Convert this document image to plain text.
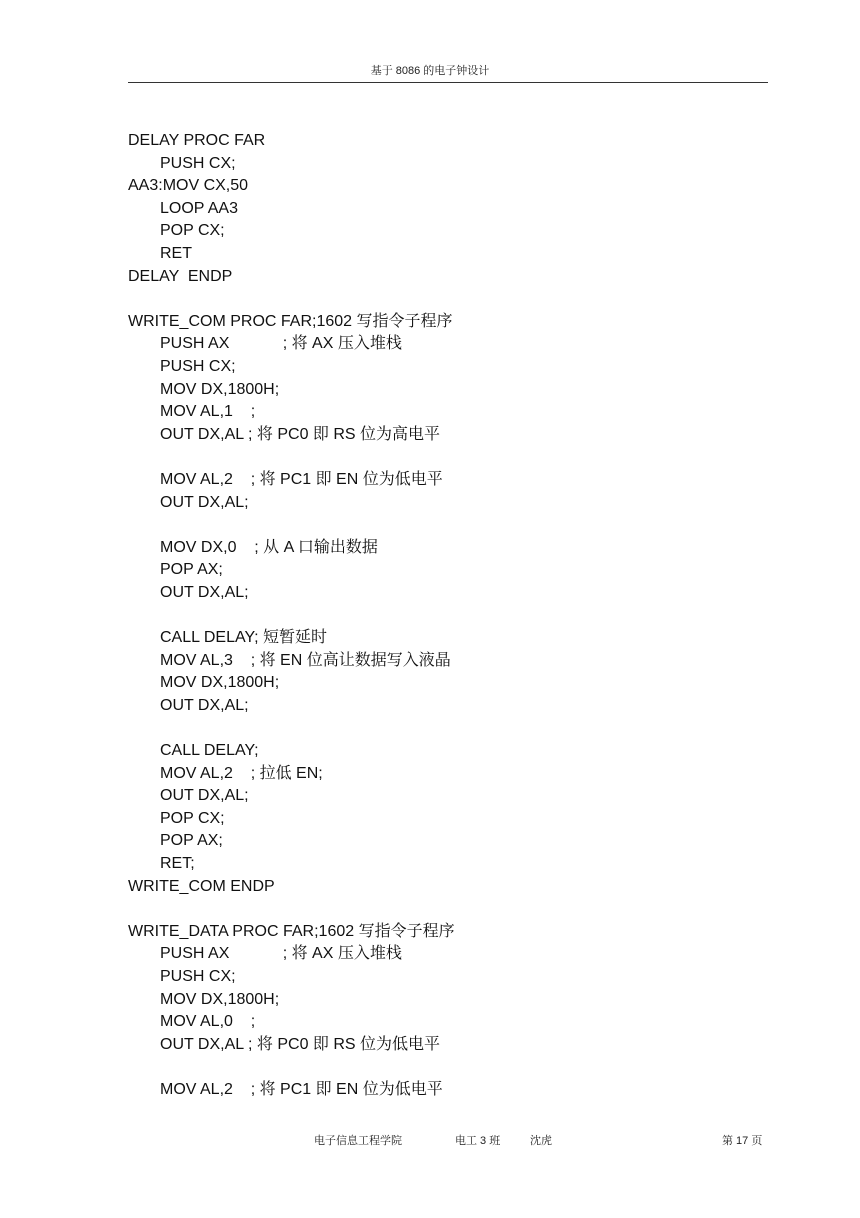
基于 8086 的电子钟设计
DELAY PROC FAR
PUSH CX;
AA3:MOV CX,50
LOOP AA3
POP CX;
RET
DELAY  ENDP
WRITE_COM PROC FAR;1602 写指令子程序
PUSH AX            ; 将 AX 压入堆栈
PUSH CX;
MOV DX,1800H;
MOV AL,1    ;
OUT DX,AL ; 将 PC0 即 RS 位为高电平
MOV AL,2    ; 将 PC1 即 EN 位为低电平
OUT DX,AL;
MOV DX,0    ; 从 A 口输出数据
POP AX;
OUT DX,AL;
CALL DELAY; 短暂延时
MOV AL,3    ; 将 EN 位高让数据写入液晶
MOV DX,1800H;
OUT DX,AL;
CALL DELAY;
MOV AL,2    ; 拉低 EN;
OUT DX,AL;
POP CX;
POP AX;
RET;
WRITE_COM ENDP
WRITE_DATA PROC FAR;1602 写指令子程序
PUSH AX            ; 将 AX 压入堆栈
PUSH CX;
MOV DX,1800H;
MOV AL,0    ;
OUT DX,AL ; 将 PC0 即 RS 位为低电平
MOV AL,2    ; 将 PC1 即 EN 位为低电平
电子信息工程学院	电工 3 班	沈虎	第 17 页
